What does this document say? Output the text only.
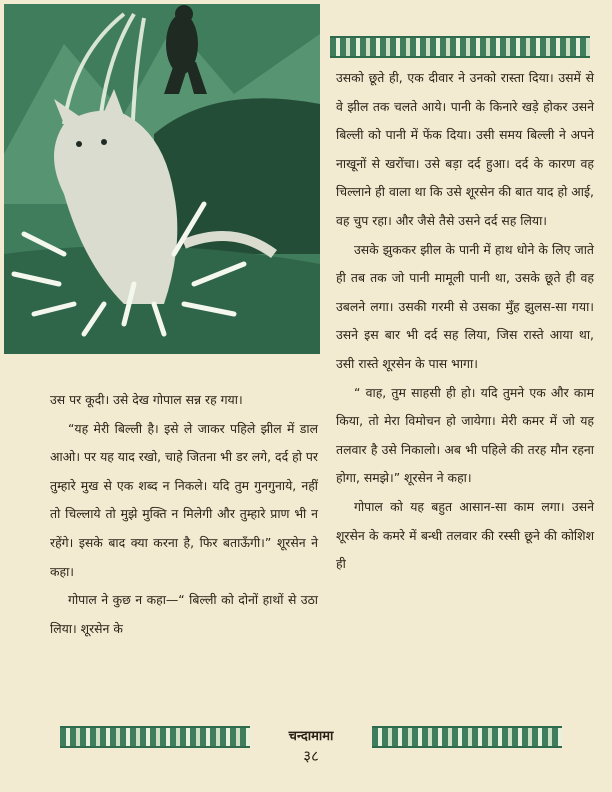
उसको छूते ही, एक दीवार ने उनको रास्ता दिया। उसमें से वे झील तक चलते आये। पानी के किनारे खड़े होकर उसने बिल्ली को पानी में फेंक दिया। उसी समय बिल्ली ने अपने नाखूनों से खरोंचा। उसे बड़ा दर्द हुआ। दर्द के कारण वह चिल्लाने ही वाला था कि उसे शूरसेन की बात याद हो आई, वह चुप रहा। और जैसे तैसे उसने दर्द सह लिया।

उसके झुककर झील के पानी में हाथ धोने के लिए जाते ही तब तक जो पानी मामूली पानी था, उसके छूते ही वह उबलने लगा। उसकी गरमी से उसका मुँह झुलस-सा गया। उसने इस बार भी दर्द सह लिया, जिस रास्ते आया था, उसी रास्ते शूरसेन के पास भागा।

“ वाह, तुम साहसी ही हो। यदि तुमने एक और काम किया, तो मेरा विमोचन हो जायेगा। मेरी कमर में जो यह तलवार है उसे निकालो। अब भी पहिले की तरह मौन रहना होगा, समझे।” शूरसेन ने कहा।

गोपाल को यह बहुत आसान-सा काम लगा। उसने शूरसेन के कमरे में बन्धी तलवार की रस्सी छूने की कोशिश ही

उस पर कूदी। उसे देख गोपाल सन्न रह गया।

“यह मेरी बिल्ली है। इसे ले जाकर पहिले झील में डाल आओ। पर यह याद रखो, चाहे जितना भी डर लगे, दर्द हो पर तुम्हारे मुख से एक शब्द न निकले। यदि तुम गुनगुनाये, नहीं तो चिल्लाये तो मुझे मुक्ति न मिलेगी और तुम्हारे प्राण भी न रहेंगे। इसके बाद क्या करना है, फिर बताऊँगी।” शूरसेन ने कहा।

गोपाल ने कुछ न कहा—“ बिल्ली को दोनों हाथों से उठा लिया। शूरसेन के

चन्दामामा
३८
